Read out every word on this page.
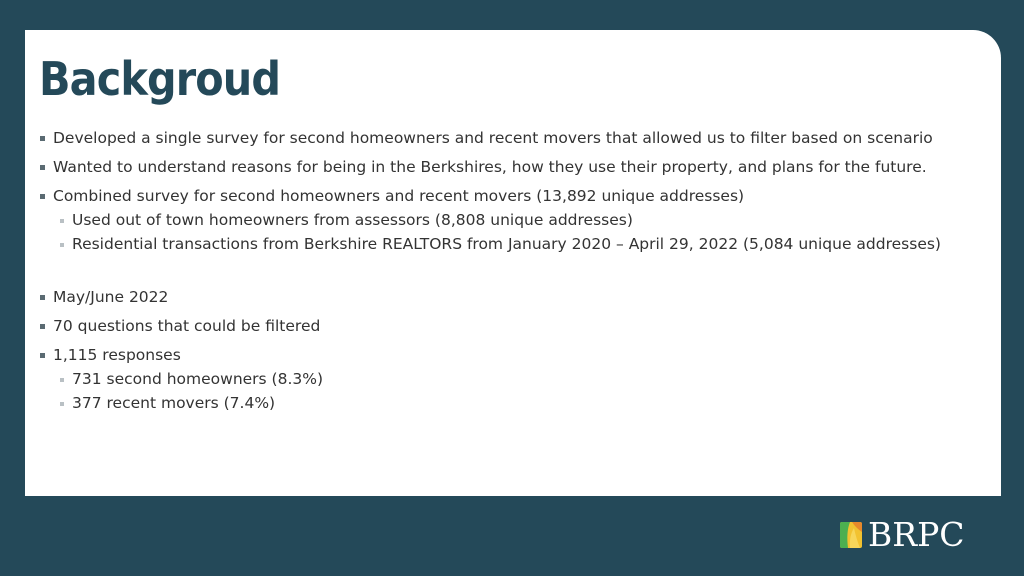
Backgroud
Developed a single survey for second homeowners and recent movers that allowed us to filter based on scenario
Wanted to understand reasons for being in the Berkshires, how they use their property, and plans for the future.
Combined survey for second homeowners and recent movers (13,892 unique addresses)
Used out of town homeowners from assessors (8,808 unique addresses)
Residential transactions from Berkshire REALTORS from January 2020 – April 29, 2022 (5,084 unique addresses)
May/June 2022
70 questions that could be filtered
1,115 responses
731 second homeowners (8.3%)
377 recent movers (7.4%)
BRPC
